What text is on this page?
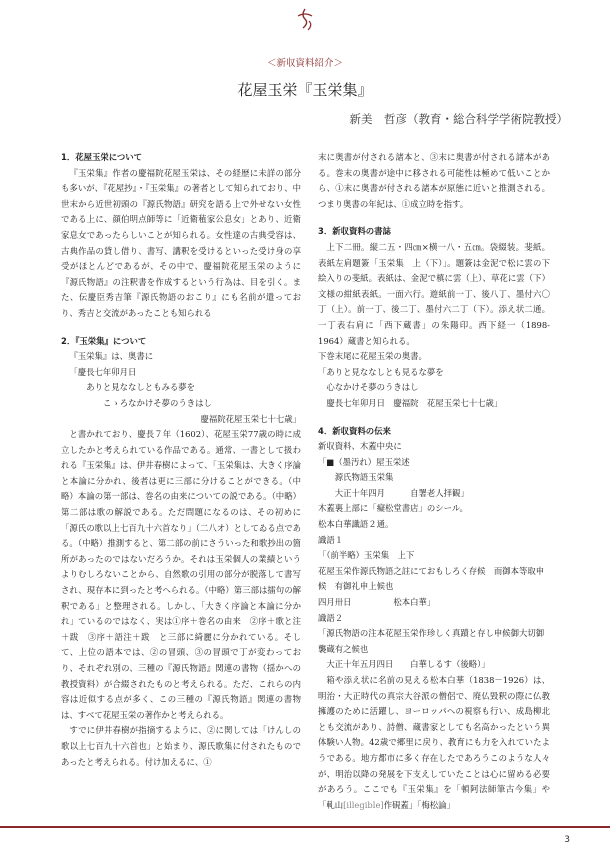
＜新収資料紹介＞
花屋玉栄『玉栄集』
新美　哲彦（教育・総合科学学術院教授）
1．花屋玉栄について

『玉栄集』作者の慶福院花屋玉栄は、その経歴に未詳の部分も多いが、『花屋抄』・『玉栄集』の著者として知られており、中世末から近世初頭の『源氏物語』研究を語る上で外せない女性である上に、顔伯明点師等に「近衛稙家公息女」とあり、近衛家息女であったらしいことが知られる。女性達の古典受容は、古典作品の貸し借り、書写、講釈を受けるといった受け身の享受がほとんどであるが、その中で、慶福院花屋玉栄のように『源氏物語』の注釈書を作成するという行為は、目を引く。また、伝慶臣秀吉筆『源氏物語のおこり』にも名前が遣っており、秀吉と交流があったことも知られる

2．『玉栄集』について
『玉栄集』は、奥書に
「慶長七年卯月日
ありと見ななしともみる夢を
こゝろなかけそ夢のうきはし
慶福院花屋玉栄七十七歳」

と書かれており、慶長７年（1602）、花屋玉栄77歳の時に成立したかと考えられている作品である。通常、一書として扱われる『玉栄集』は、伊井春樹によって、「玉栄集は、大きく序論と本論に分かれ、後者は更に三部に分けることができる。（中略）本論の第一部は、巻名の由来についての説である。（中略）第二部は歌の解説である。ただ問題になるのは、その初めに「源氏の歌以上七百九十六首なり」（二八オ）としてゐる点である。（中略）推測すると、第二部の前にさういった和歌抄出の箇所があったのではないだろうか。それは玉栄個人の業績というよりむしろないことから、自然歌の引用の部分が脱落して書写され、現存本に到ったと考へられる。（中略）第三部は擂句の解釈である」と整理される。しかし、「大きく序論と本論に分かれ」ているのではなく、実は①序＋巻名の由来　②序＋歌と注＋跋　③序＋語注＋跋　と三部に綺麗に分かれている。そして、上位の語本では、②の冒頭、③の冒頭で丁が変わっており、それぞれ別の、三種の『源氏物語』関連の書物（揺かへの教授資料）が合綴されたものと考えられる。ただ、これらの内容は近似する点が多く、この三種の『源氏物語』関連の書物は、すべて花屋玉栄の著作かと考えられる。

すでに伊井春樹が指摘するように、②に関しては「けんしの歌以上七百九十六首也」と始まり、源氏歌集に付されたものであったと考えられる。付け加えるに、①

末に奥書が付される諸本と、③末に奥書が付される諸本がある。巻末の奥書が途中に移される可能性は極めて低いことから、①末に奥書が付される諸本が原態に近いと推測される。つまり奥書の年紀は、①成立時を指す。

3．新収資料の書誌

上下二冊。縦二五・四㎝×横一八・五㎝。袋綴装。斐紙。表紙左肩題簽「玉栄集　上（下）」。題簽は金泥で松に雲の下絵入りの斐紙。表紙は、金泥で槙に雲（上）、草花に雲（下）文様の紺紙表紙。一面六行。遊紙前一丁、後八丁、墨付六〇丁（上）。前一丁、後二丁、墨付六二丁（下）。添え状二通。一丁表右肩に「西下蔵書」の朱陽印。西下経一（1898-1964）蔵書と知られる。

下巻末尾に花屋玉栄の奥書。
「ありと見ななしとも見るな夢を
心なかけそ夢のうきはし
慶長七年卯月日　慶福院　花屋玉栄七十七歳」
4．新収資料の伝来
新収資料、木蓋中央に
「■（墨汚れ）屋玉栄述
源氏物語玉栄集
大正十年四月　　　自署老人拝観」
木蓋裏上部に「癡松堂書店」のシール。
松本白華識語２通。
識語１
「（前半略）玉栄集　上下
花屋玉栄作源氏物語之註にておもしろく存候　而御本等取申候　有御礼申上候也
四月卅日　　　　　松本白華」
識語２
「源氏物語の注本花屋玉栄作珍しく真蹟と存し申候御大切御襲蔵有之候也
大正十年五月四日　　白華しるす（後略）」

箱や添え状に名前の見える松本白華（1838－1926）は、明治・大正時代の真宗大谷派の僧侶で、廃仏毀釈の際に仏教擁護のために活躍し、ヨーロッパへの視察も行い、成島柳北とも交流があり、詩僧、蔵書家としても名高かったという異体験い人物。42歳で郷里に戻り、教育にも力を入れていたようである。地方都市に多く存在したであろうこのような人々が、明治以降の発展を下支えしていたことは心に留める必要があろう。ここでも『玉栄集』を「頓阿法師筆古今集」や「軋山[illegible]作硯蓋」「梅松論」

3
